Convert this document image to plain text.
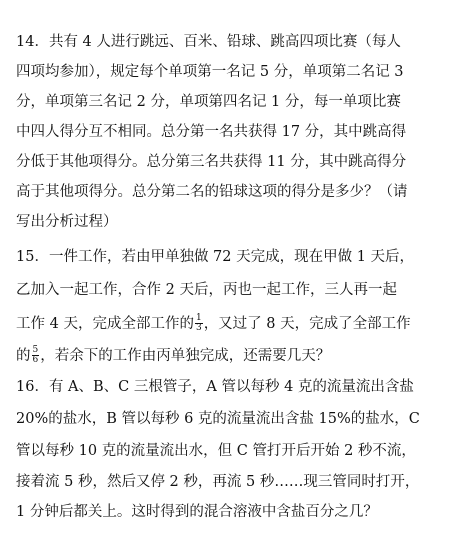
14．共有 4 人进行跳远、百米、铅球、跳高四项比赛（每人
四项均参加），规定每个单项第一名记 5 分，单项第二名记 3
分，单项第三名记 2 分，单项第四名记 1 分，每一单项比赛
中四人得分互不相同。总分第一名共获得 17 分，其中跳高得
分低于其他项得分。总分第三名共获得 11 分，其中跳高得分
高于其他项得分。总分第二名的铅球这项的得分是多少？（请
写出分析过程）
15．一件工作，若由甲单独做 72 天完成，现在甲做 1 天后，
乙加入一起工作，合作 2 天后，丙也一起工作，三人再一起
工作 4 天，完成全部工作的 $\frac{1}{3}$ ，又过了 8 天，完成了全部工作
的 $\frac{5}{6}$ ，若余下的工作由丙单独完成，还需要几天？
16．有 A、B、C 三根管子，A 管以每秒 4 克的流量流出含盐
20%的盐水，B 管以每秒 6 克的流量流出含盐 15%的盐水，C
管以每秒 10 克的流量流出水，但 C 管打开后开始 2 秒不流，
接着流 5 秒，然后又停 2 秒，再流 5 秒……现三管同时打开，
1 分钟后都关上。这时得到的混合溶液中含盐百分之几？
